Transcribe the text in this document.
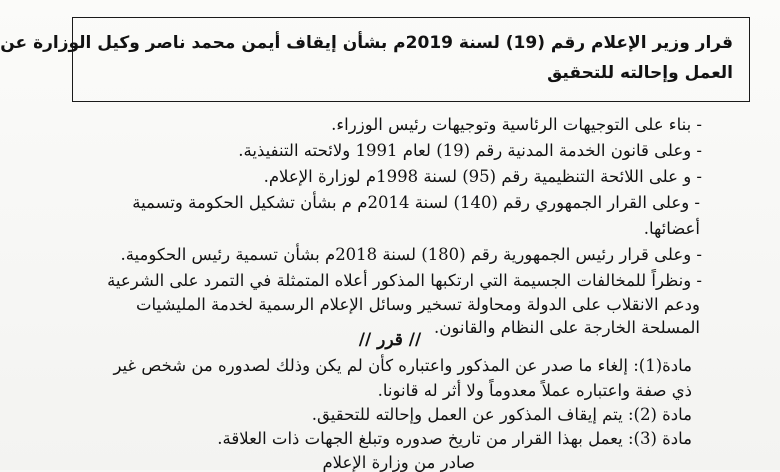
قرار وزير الإعلام رقم (19) لسنة 2019م بشأن إيقاف أيمن محمد ناصر وكيل الوزارة عن
العمل وإحالته للتحقيق
- بناء على التوجيهات الرئاسية وتوجيهات رئيس الوزراء.
- وعلى قانون الخدمة المدنية رقم (19) لعام 1991 ولائحته التنفيذية.
- و على اللائحة التنظيمية رقم (95) لسنة 1998م لوزارة الإعلام.
- وعلى القرار الجمهوري رقم (140) لسنة 2014م م بشأن تشكيل الحكومة وتسمية
أعضائها.
- وعلى قرار رئيس الجمهورية رقم (180) لسنة 2018م بشأن تسمية رئيس الحكومية.
- ونظراً للمخالفات الجسيمة التي ارتكبها المذكور أعلاه المتمثلة في التمرد على الشرعية
ودعم الانقلاب على الدولة ومحاولة تسخير وسائل الإعلام الرسمية لخدمة المليشيات
المسلحة الخارجة على النظام والقانون.
// قرر //
مادة(1): إلغاء ما صدر عن المذكور واعتباره كأن لم يكن وذلك لصدوره من شخص غير
ذي صفة واعتباره عملاً معدوماً ولا أثر له قانونا.
مادة (2): يتم إيقاف المذكور عن العمل وإحالته للتحقيق.
مادة (3): يعمل بهذا القرار من تاريخ صدوره وتبلغ الجهات ذات العلاقة.
صادر من وزارة الإعلام
